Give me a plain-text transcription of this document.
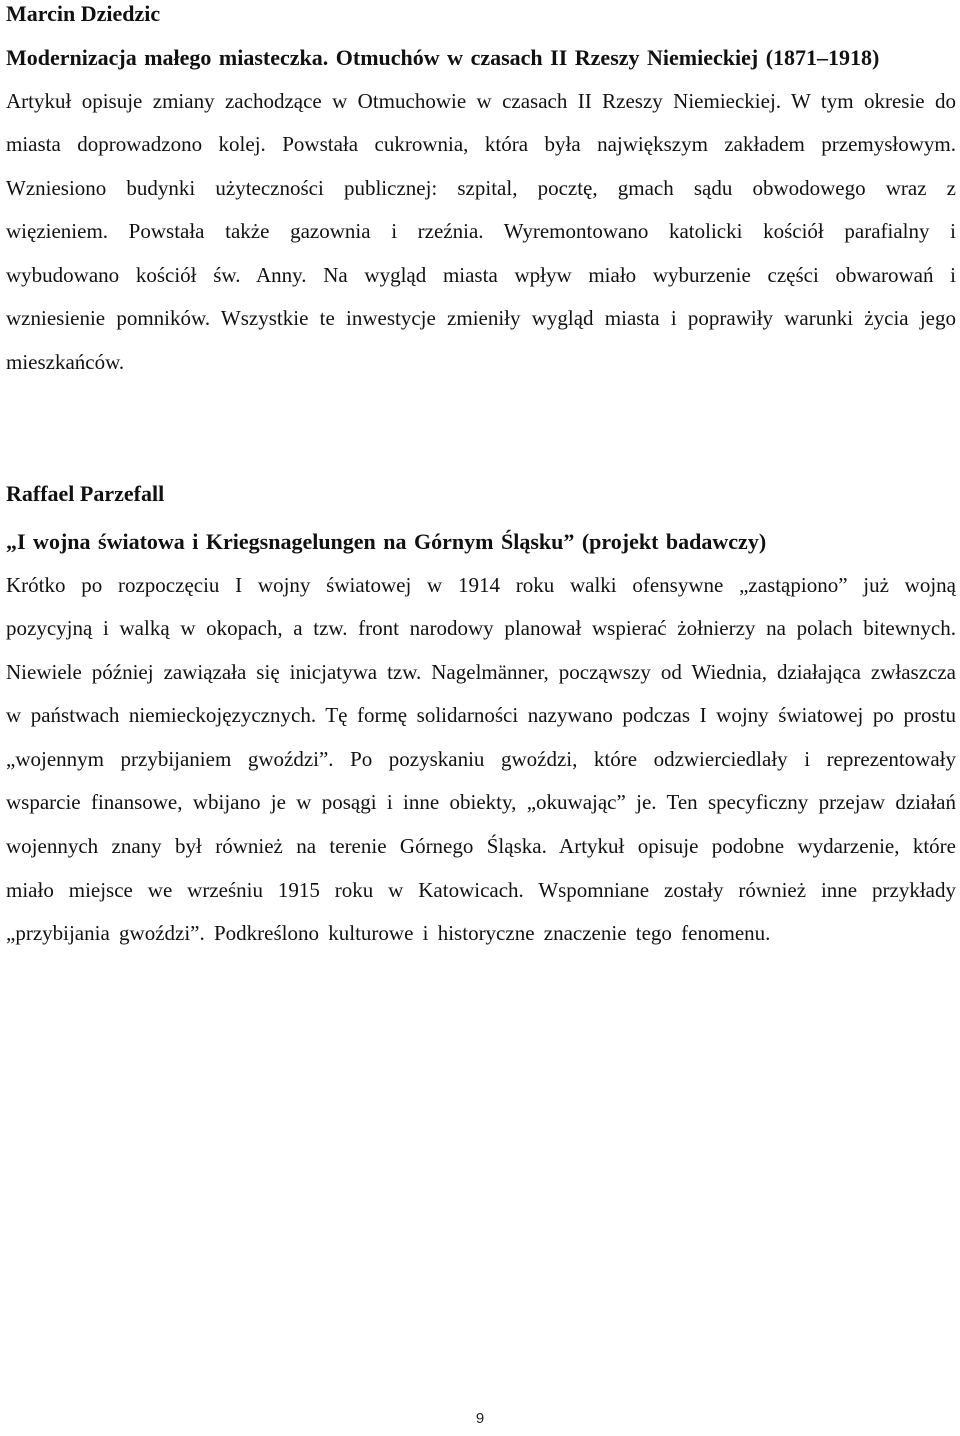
Marcin Dziedzic

Modernizacja małego miasteczka. Otmuchów w czasach II Rzeszy Niemieckiej (1871–1918)

Artykuł opisuje zmiany zachodzące w Otmuchowie w czasach II Rzeszy Niemieckiej. W tym okresie do miasta doprowadzono kolej. Powstała cukrownia, która była największym zakładem przemysłowym. Wzniesiono budynki użyteczności publicznej: szpital, pocztę, gmach sądu obwodowego wraz z więzieniem. Powstała także gazownia i rzeźnia. Wyremontowano katolicki kościół parafialny i wybudowano kościół św. Anny. Na wygląd miasta wpływ miało wyburzenie części obwarowań i wzniesienie pomników. Wszystkie te inwestycje zmieniły wygląd miasta i poprawiły warunki życia jego mieszkańców.

Raffael Parzefall

„I wojna światowa i Kriegsnagelungen na Górnym Śląsku” (projekt badawczy)

Krótko po rozpoczęciu I wojny światowej w 1914 roku walki ofensywne „zastąpiono” już wojną pozycyjną i walką w okopach, a tzw. front narodowy planował wspierać żołnierzy na polach bitewnych. Niewiele później zawiązała się inicjatywa tzw. Nagelmänner, począwszy od Wiednia, działająca zwłaszcza w państwach niemieckojęzycznych. Tę formę solidarności nazywano podczas I wojny światowej po prostu „wojennym przybijaniem gwoździ”. Po pozyskaniu gwoździ, które odzwierciedlały i reprezentowały wsparcie finansowe, wbijano je w posągi i inne obiekty, „okuwając” je. Ten specyficzny przejaw działań wojennych znany był również na terenie Górnego Śląska. Artykuł opisuje podobne wydarzenie, które miało miejsce we wrześniu 1915 roku w Katowicach. Wspomniane zostały również inne przykłady „przybijania gwoździ”. Podkreślono kulturowe i historyczne znaczenie tego fenomenu.

9
